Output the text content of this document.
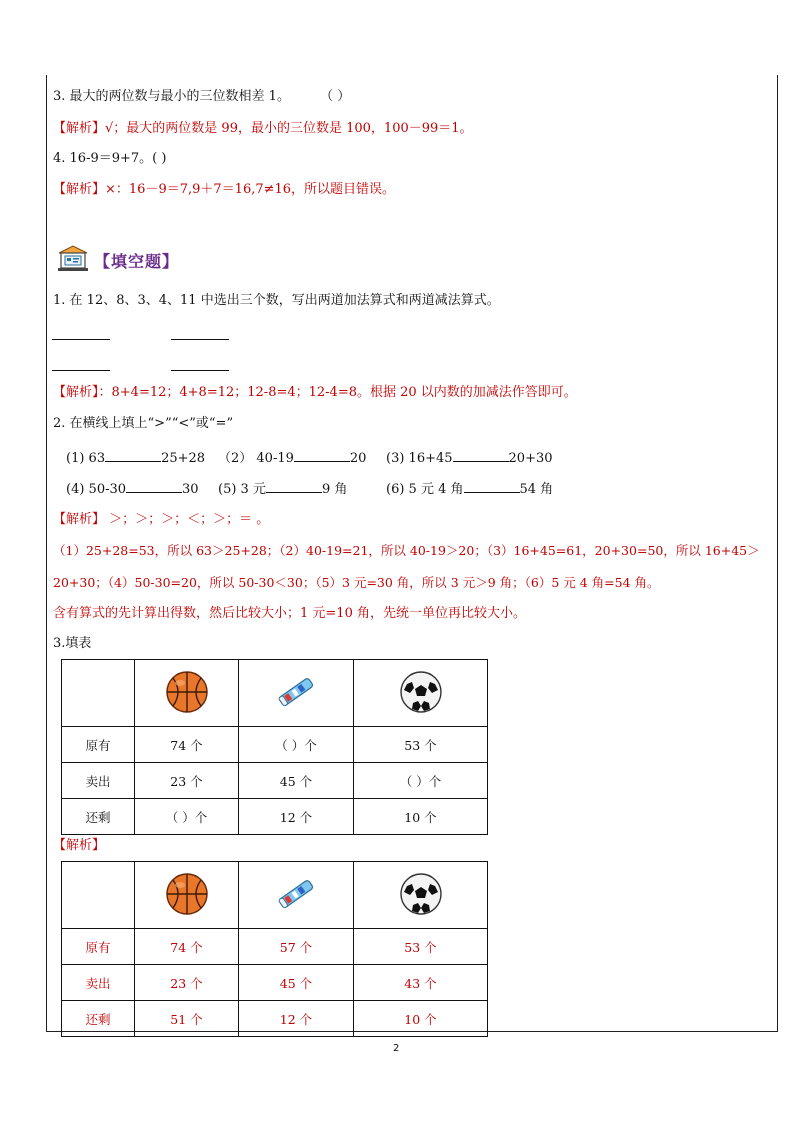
3. 最大的两位数与最小的三位数相差 1。 （ ）
【解析】√；最大的两位数是 99，最小的三位数是 100，100－99＝1。
4. 16-9＝9+7。( )
【解析】×：16－9＝7,9＋7＝16,7≠16，所以题目错误。
【填空题】
1. 在 12、8、3、4、11 中选出三个数，写出两道加法算式和两道减法算式。
【解析】：8+4=12；4+8=12；12-8=4；12-4=8。根据 20 以内数的加减法作答即可。
2. 在横线上填上“>”“<”或“=”
(1) 63	25+28 （2） 40-19	20 (3) 16+45	20+30
(4) 50-30	30 (5) 3 元	9 角	(6) 5 元 4 角	54 角
【解析】 ＞；＞；＞；＜；＞；＝ 。
（1）25+28=53，所以 63＞25+28；（2）40-19=21，所以 40-19＞20；（3）16+45=61，20+30=50，所以 16+45＞
20+30；（4）50-30=20，所以 50-30＜30；（5）3 元=30 角，所以 3 元＞9 角；（6）5 元 4 角=54 角。
含有算式的先计算出得数，然后比较大小；1 元=10 角，先统一单位再比较大小。
3.填表

原有	74 个	（ ）个	53 个
卖出	23 个	45 个	（ ）个
还剩	（ ）个	12 个	10 个
【解析】

原有	74 个	57 个	53 个
卖出	23 个	45 个	43 个
还剩	51 个	12 个	10 个
2
